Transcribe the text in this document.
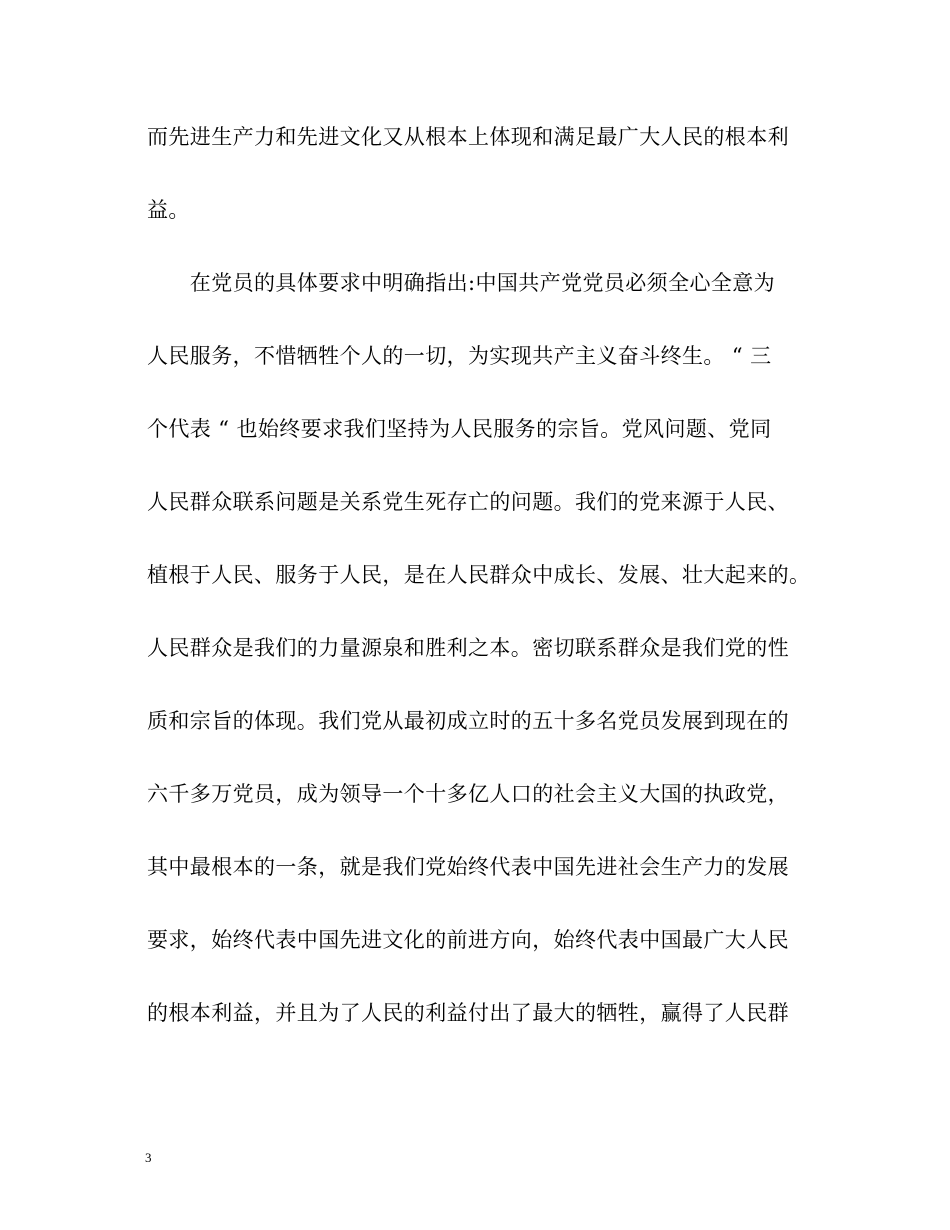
而先进生产力和先进文化又从根本上体现和满足最广大人民的根本利
益。
　　在党员的具体要求中明确指出:中国共产党党员必须全心全意为
人民服务，不惜牺牲个人的一切，为实现共产主义奋斗终生。 “ 三
个代表 “ 也始终要求我们坚持为人民服务的宗旨。党风问题、党同
人民群众联系问题是关系党生死存亡的问题。我们的党来源于人民、
植根于人民、服务于人民，是在人民群众中成长、发展、壮大起来的。
人民群众是我们的力量源泉和胜利之本。密切联系群众是我们党的性
质和宗旨的体现。我们党从最初成立时的五十多名党员发展到现在的
六千多万党员，成为领导一个十多亿人口的社会主义大国的执政党，
其中最根本的一条，就是我们党始终代表中国先进社会生产力的发展
要求，始终代表中国先进文化的前进方向，始终代表中国最广大人民
的根本利益，并且为了人民的利益付出了最大的牺牲，赢得了人民群
3
